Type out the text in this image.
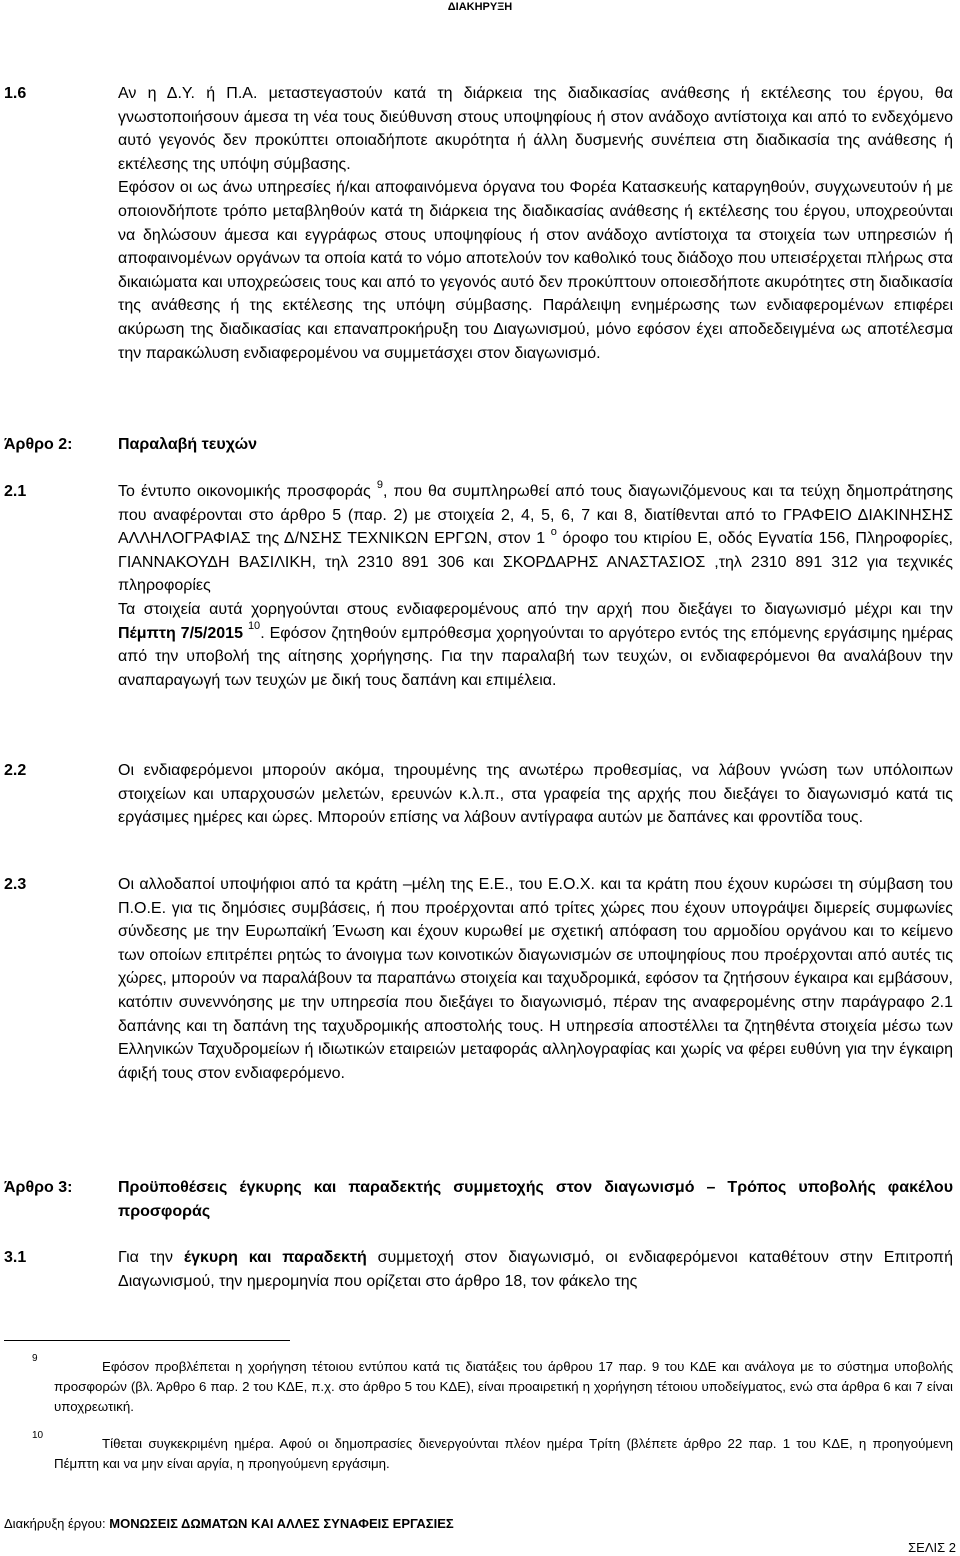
ΔΙΑΚΗΡΥΞΗ
1.6	Αν η Δ.Υ. ή Π.Α. μεταστεγαστούν κατά τη διάρκεια της διαδικασίας ανάθεσης ή εκτέλεσης του έργου, θα γνωστοποιήσουν άμεσα τη νέα τους διεύθυνση στους υποψηφίους ή στον ανάδοχο αντίστοιχα και από το ενδεχόμενο αυτό γεγονός δεν προκύπτει οποιαδήποτε ακυρότητα ή άλλη δυσμενής συνέπεια στη διαδικασία της ανάθεσης ή εκτέλεσης της υπόψη σύμβασης.

Εφόσον οι ως άνω υπηρεσίες ή/και αποφαινόμενα όργανα του Φορέα Κατασκευής καταργηθούν, συγχωνευτούν ή με οποιονδήποτε τρόπο μεταβληθούν κατά τη διάρκεια της διαδικασίας ανάθεσης ή εκτέλεσης του έργου, υποχρεούνται να δηλώσουν άμεσα και εγγράφως στους υποψηφίους ή στον ανάδοχο αντίστοιχα τα στοιχεία των υπηρεσιών ή αποφαινομένων οργάνων τα οποία κατά το νόμο αποτελούν τον καθολικό τους διάδοχο που υπεισέρχεται πλήρως στα δικαιώματα και υποχρεώσεις τους και από το γεγονός αυτό δεν προκύπτουν οποιεσδήποτε ακυρότητες στη διαδικασία της ανάθεσης ή της εκτέλεσης της υπόψη σύμβασης. Παράλειψη ενημέρωσης των ενδιαφερομένων επιφέρει ακύρωση της διαδικασίας και επαναπροκήρυξη του Διαγωνισμού, μόνο εφόσον έχει αποδεδειγμένα ως αποτέλεσμα την παρακώλυση ενδιαφερομένου να συμμετάσχει στον διαγωνισμό.

Άρθρο 2:	Παραλαβή τευχών
2.1	Το έντυπο οικονομικής προσφοράς $^9$, που θα συμπληρωθεί από τους διαγωνιζόμενους και τα τεύχη δημοπράτησης που αναφέρονται στο άρθρο 5 (παρ. 2) με στοιχεία 2, 4, 5, 6, 7 και 8, διατίθενται από το ΓΡΑΦΕΙΟ ΔΙΑΚΙΝΗΣΗΣ ΑΛΛΗΛΟΓΡΑΦΙΑΣ της Δ/ΝΣΗΣ ΤΕΧΝΙΚΩΝ ΕΡΓΩΝ, στον 1 $^o$ όροφο του κτιρίου Ε, οδός Εγνατία 156, Πληροφορίες, ΓΙΑΝΝΑΚΟΥΔΗ ΒΑΣΙΛΙΚΗ, τηλ 2310 891 306 και ΣΚΟΡΔΑΡΗΣ ΑΝΑΣΤΑΣΙΟΣ ,τηλ 2310 891 312 για τεχνικές πληροφορίες

Τα στοιχεία αυτά χορηγούνται στους ενδιαφερομένους από την αρχή που διεξάγει το διαγωνισμό μέχρι και την Πέμπτη 7/5/2015 $^{10}$. Εφόσον ζητηθούν εμπρόθεσμα χορηγούνται το αργότερο εντός της επόμενης εργάσιμης ημέρας από την υποβολή της αίτησης χορήγησης. Για την παραλαβή των τευχών, οι ενδιαφερόμενοι θα αναλάβουν την αναπαραγωγή των τευχών με δική τους δαπάνη και επιμέλεια.

2.2	Οι ενδιαφερόμενοι μπορούν ακόμα, τηρουμένης της ανωτέρω προθεσμίας, να λάβουν γνώση των υπόλοιπων στοιχείων και υπαρχουσών μελετών, ερευνών κ.λ.π., στα γραφεία της αρχής που διεξάγει το διαγωνισμό κατά τις εργάσιμες ημέρες και ώρες. Μπορούν επίσης να λάβουν αντίγραφα αυτών με δαπάνες και φροντίδα τους.

2.3	Οι αλλοδαποί υποψήφιοι από τα κράτη –μέλη της Ε.Ε., του Ε.Ο.Χ. και τα κράτη που έχουν κυρώσει τη σύμβαση του Π.Ο.Ε. για τις δημόσιες συμβάσεις, ή που προέρχονται από τρίτες χώρες που έχουν υπογράψει διμερείς συμφωνίες σύνδεσης με την Ευρωπαϊκή Ένωση και έχουν κυρωθεί με σχετική απόφαση του αρμοδίου οργάνου και το κείμενο των οποίων επιτρέπει ρητώς το άνοιγμα των κοινοτικών διαγωνισμών σε υποψηφίους που προέρχονται από αυτές τις χώρες, μπορούν να παραλάβουν τα παραπάνω στοιχεία και ταχυδρομικά, εφόσον τα ζητήσουν έγκαιρα και εμβάσουν, κατόπιν συνεννόησης με την υπηρεσία που διεξάγει το διαγωνισμό, πέραν της αναφερομένης στην παράγραφο 2.1 δαπάνης και τη δαπάνη της ταχυδρομικής αποστολής τους. Η υπηρεσία αποστέλλει τα ζητηθέντα στοιχεία μέσω των Ελληνικών Ταχυδρομείων ή ιδιωτικών εταιρειών μεταφοράς αλληλογραφίας και χωρίς να φέρει ευθύνη για την έγκαιρη άφιξή τους στον ενδιαφερόμενο.

Άρθρο 3:	Προϋποθέσεις έγκυρης και παραδεκτής συμμετοχής στον διαγωνισμό – Τρόπος υποβολής φακέλου προσφοράς
3.1	Για την έγκυρη και παραδεκτή συμμετοχή στον διαγωνισμό, οι ενδιαφερόμενοι καταθέτουν στην Επιτροπή Διαγωνισμού, την ημερομηνία που ορίζεται στο άρθρο 18, τον φάκελο της

9
Εφόσον προβλέπεται η χορήγηση τέτοιου εντύπου κατά τις διατάξεις του άρθρου 17 παρ. 9 του ΚΔΕ και ανάλογα με το σύστημα υποβολής προσφορών (βλ. Άρθρο 6 παρ. 2 του ΚΔΕ, π.χ. στο άρθρο 5 του ΚΔΕ), είναι προαιρετική η χορήγηση τέτοιου υποδείγματος, ενώ στα άρθρα 6 και 7 είναι υποχρεωτική.
10
Τίθεται συγκεκριμένη ημέρα. Αφού οι δημοπρασίες διενεργούνται πλέον ημέρα Τρίτη (βλέπετε άρθρο 22 παρ. 1 του ΚΔΕ, η προηγούμενη Πέμπτη και να μην είναι αργία, η προηγούμενη εργάσιμη.
Διακήρυξη έργου: ΜΟΝΩΣΕΙΣ ΔΩΜΑΤΩΝ ΚΑΙ ΑΛΛΕΣ ΣΥΝΑΦΕΙΣ ΕΡΓΑΣΙΕΣ
ΣΕΛΙΣ 2
